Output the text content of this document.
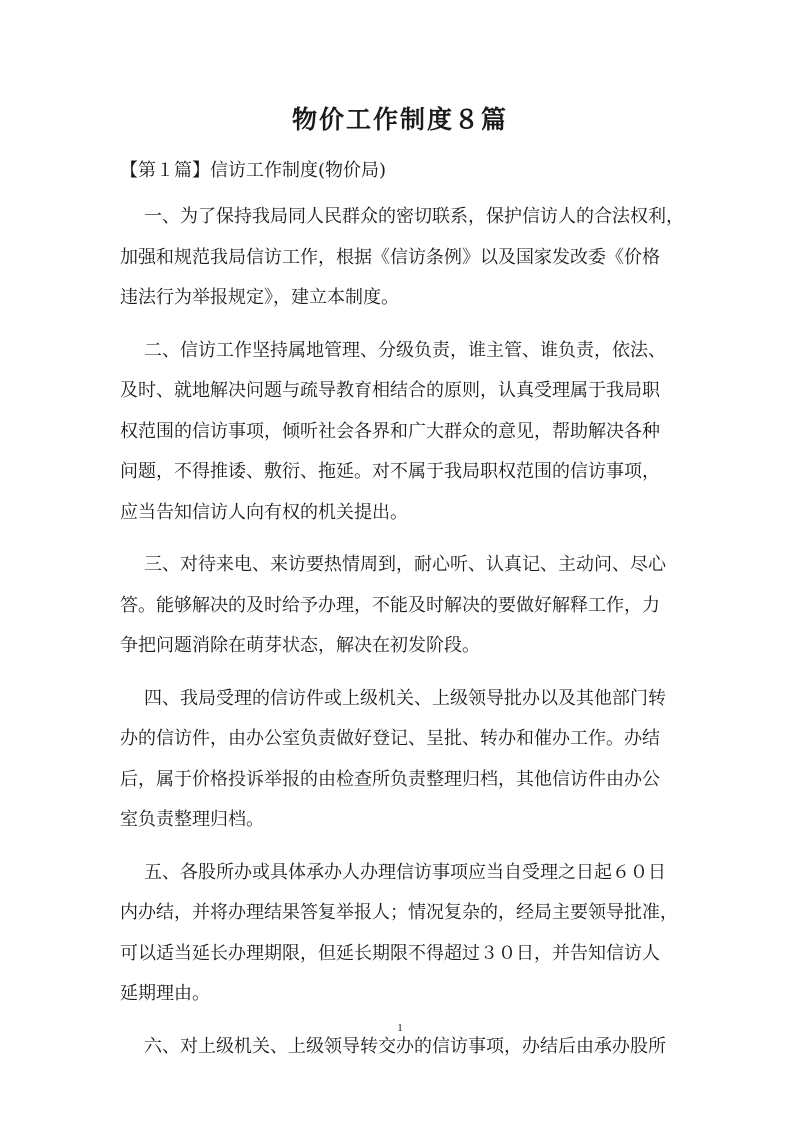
物价工作制度８篇

【第１篇】信访工作制度(物价局)

一、为了保持我局同人民群众的密切联系，保护信访人的合法权利，
加强和规范我局信访工作，根据《信访条例》以及国家发改委《价格
违法行为举报规定》，建立本制度。

二、信访工作坚持属地管理、分级负责，谁主管、谁负责，依法、
及时、就地解决问题与疏导教育相结合的原则，认真受理属于我局职
权范围的信访事项，倾听社会各界和广大群众的意见，帮助解决各种
问题，不得推诿、敷衍、拖延。对不属于我局职权范围的信访事项，
应当告知信访人向有权的机关提出。

三、对待来电、来访要热情周到，耐心听、认真记、主动问、尽心
答。能够解决的及时给予办理，不能及时解决的要做好解释工作，力
争把问题消除在萌芽状态，解决在初发阶段。

四、我局受理的信访件或上级机关、上级领导批办以及其他部门转
办的信访件，由办公室负责做好登记、呈批、转办和催办工作。办结
后，属于价格投诉举报的由检查所负责整理归档，其他信访件由办公
室负责整理归档。

五、各股所办或具体承办人办理信访事项应当自受理之日起６０日
内办结，并将办理结果答复举报人；情况复杂的，经局主要领导批准，
可以适当延长办理期限，但延长期限不得超过３０日，并告知信访人
延期理由。

六、对上级机关、上级领导转交办的信访事项，办结后由承办股所

1
